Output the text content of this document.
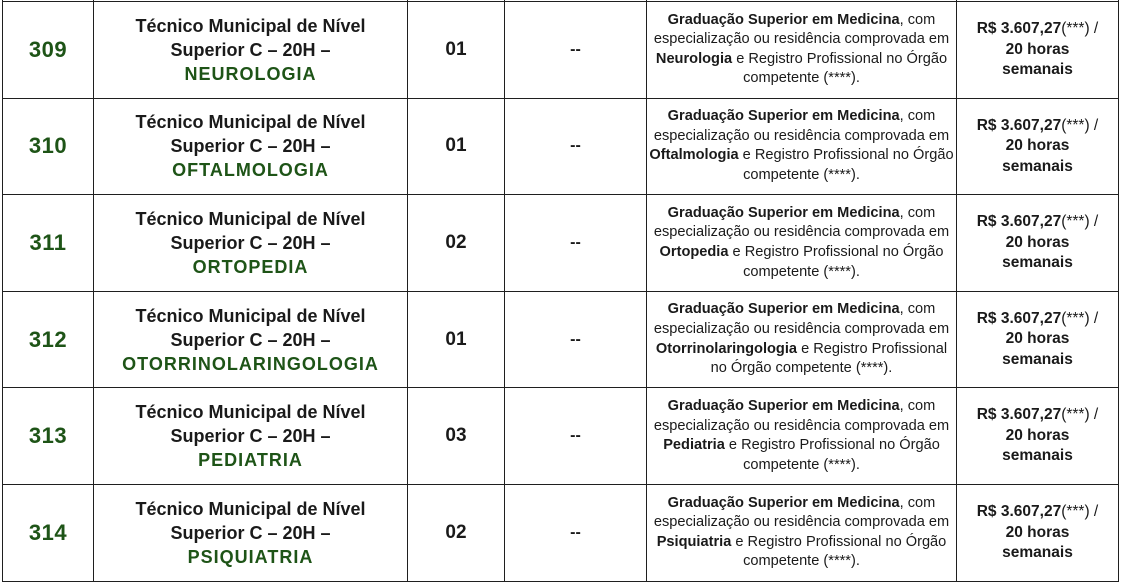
309	Técnico Municipal de Nível
Superior C – 20H –
NEUROLOGIA	01	--	Graduação Superior em Medicina, com especialização ou residência comprovada em Neurologia e Registro Profissional no Órgão competente (****).	R$ 3.607,27(***) /
20 horas semanais
310	Técnico Municipal de Nível
Superior C – 20H –
OFTALMOLOGIA	01	--	Graduação Superior em Medicina, com especialização ou residência comprovada em Oftalmologia e Registro Profissional no Órgão competente (****).	R$ 3.607,27(***) /
20 horas semanais
311	Técnico Municipal de Nível
Superior C – 20H –
ORTOPEDIA	02	--	Graduação Superior em Medicina, com especialização ou residência comprovada em Ortopedia e Registro Profissional no Órgão competente (****).	R$ 3.607,27(***) /
20 horas semanais
312	Técnico Municipal de Nível
Superior C – 20H –
OTORRINOLARINGOLOGIA	01	--	Graduação Superior em Medicina, com especialização ou residência comprovada em Otorrinolaringologia e Registro Profissional no Órgão competente (****).	R$ 3.607,27(***) /
20 horas semanais
313	Técnico Municipal de Nível
Superior C – 20H –
PEDIATRIA	03	--	Graduação Superior em Medicina, com especialização ou residência comprovada em Pediatria e Registro Profissional no Órgão competente (****).	R$ 3.607,27(***) /
20 horas semanais
314	Técnico Municipal de Nível
Superior C – 20H –
PSIQUIATRIA	02	--	Graduação Superior em Medicina, com especialização ou residência comprovada em Psiquiatria e Registro Profissional no Órgão competente (****).	R$ 3.607,27(***) /
20 horas semanais
